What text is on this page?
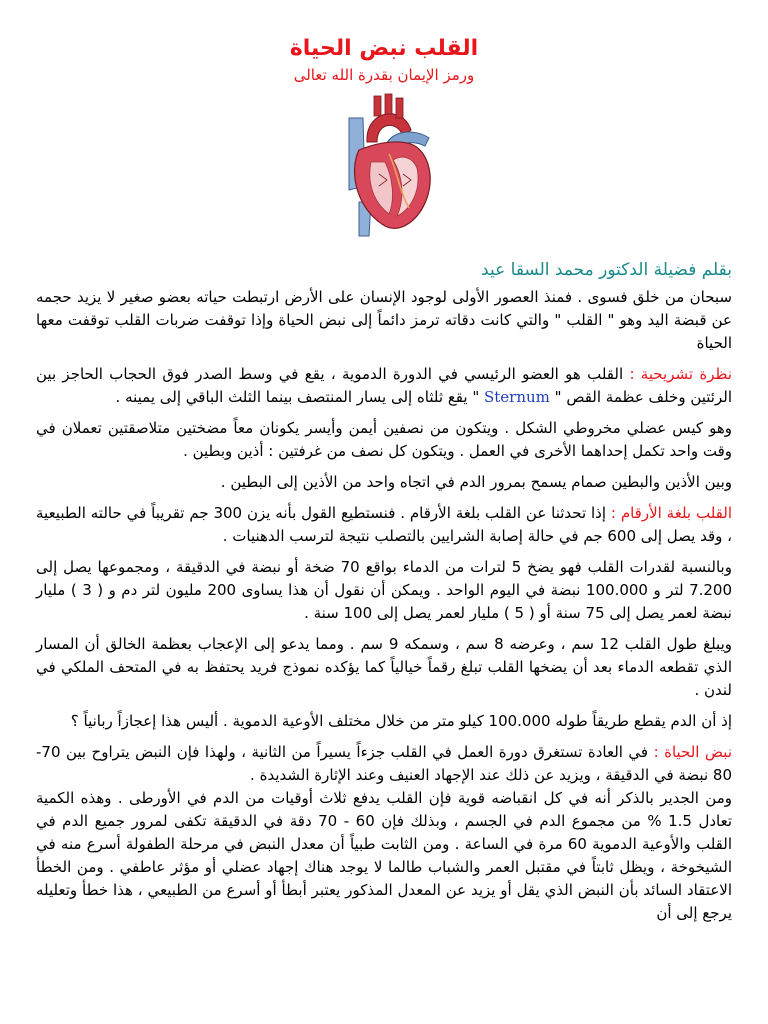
القلب نبض الحياة
ورمز الإيمان بقدرة الله تعالى
بقلم فضيلة الدكتور محمد السقا عيد

سبحان من خلق فسوى . فمنذ العصور الأولى لوجود الإنسان على الأرض ارتبطت حياته بعضو صغير لا يزيد حجمه عن قبضة اليد وهو " القلب " والتي كانت دقاته ترمز دائماً إلى نبض الحياة وإذا توقفت ضربات القلب توقفت معها الحياة

نظرة تشريحية : القلب هو العضو الرئيسي في الدورة الدموية ، يقع في وسط الصدر فوق الحجاب الحاجز بين الرئتين وخلف عظمة القص " Sternum " يقع ثلثاه إلى يسار المنتصف بينما الثلث الباقي إلى يمينه .

وهو كيس عضلي مخروطي الشكل . ويتكون من نصفين أيمن وأيسر يكونان معاً مضختين متلاصقتين تعملان في وقت واحد تكمل إحداهما الأخرى في العمل . ويتكون كل نصف من غرفتين : أذين وبطين .

وبين الأذين والبطين صمام يسمح بمرور الدم في اتجاه واحد من الأذين إلى البطين .

القلب بلغة الأرقام : إذا تحدثنا عن القلب بلغة الأرقام . فنستطيع القول بأنه يزن 300 جم تقريباً في حالته الطبيعية ، وقد يصل إلى 600 جم في حالة إصابة الشرايين بالتصلب نتيجة لترسب الدهنيات .

وبالنسبة لقدرات القلب فهو يضخ 5 لترات من الدماء بواقع 70 ضخة أو نبضة في الدقيقة ، ومجموعها يصل إلى 7.200 لتر و 100.000 نبضة في اليوم الواحد . ويمكن أن نقول أن هذا يساوى 200 مليون لتر دم و ( 3 ) مليار نبضة لعمر يصل إلى 75 سنة أو ( 5 ) مليار لعمر يصل إلى 100 سنة .

ويبلغ طول القلب 12 سم ، وعرضه 8 سم ، وسمكه 9 سم . ومما يدعو إلى الإعجاب بعظمة الخالق أن المسار الذي تقطعه الدماء بعد أن يضخها القلب تبلغ رقماً خيالياً كما يؤكده نموذج فريد يحتفظ به في المتحف الملكي في لندن .

إذ أن الدم يقطع طريقاً طوله 100.000 كيلو متر من خلال مختلف الأوعية الدموية . أليس هذا إعجازاً ربانياً ؟

نبض الحياة : في العادة تستغرق دورة العمل في القلب جزءاً يسيراً من الثانية ، ولهذا فإن النبض يتراوح بين 70-80 نبضة في الدقيقة ، ويزيد عن ذلك عند الإجهاد العنيف وعند الإثارة الشديدة .

ومن الجدير بالذكر أنه في كل انقباضه قوية فإن القلب يدفع ثلاث أوقيات من الدم في الأورطى . وهذه الكمية تعادل 1.5 % من مجموع الدم في الجسم ، وبذلك فإن 60 - 70 دقة في الدقيقة تكفى لمرور جميع الدم في القلب والأوعية الدموية 60 مرة في الساعة . ومن الثابت طبياً أن معدل النبض في مرحلة الطفولة أسرع منه في الشيخوخة ، ويظل ثابتاً في مقتبل العمر والشباب طالما لا يوجد هناك إجهاد عضلي أو مؤثر عاطفي . ومن الخطأ الاعتقاد السائد بأن النبض الذي يقل أو يزيد عن المعدل المذكور يعتبر أبطأ أو أسرع من الطبيعي ، هذا خطأ وتعليله يرجع إلى أن
